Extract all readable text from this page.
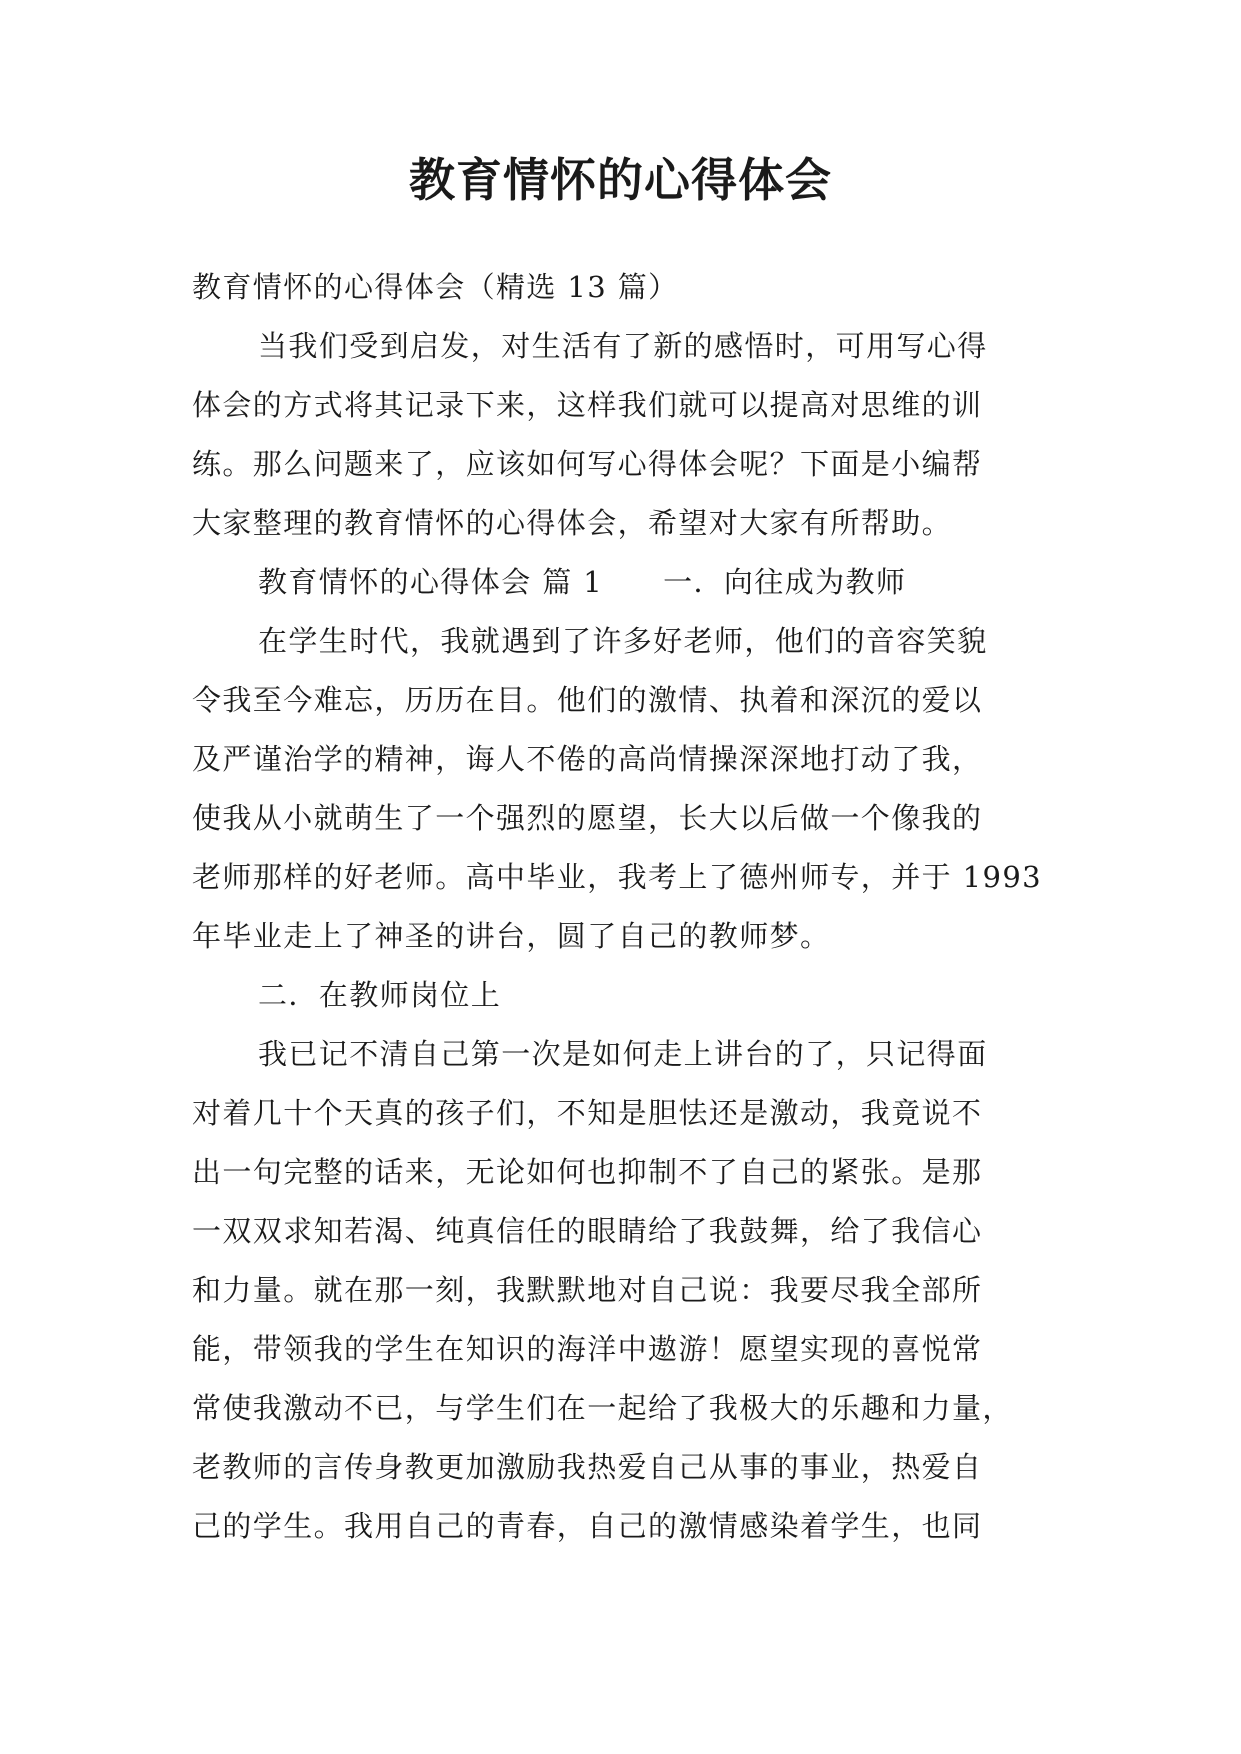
教育情怀的心得体会
教育情怀的心得体会（精选 13 篇）
当我们受到启发，对生活有了新的感悟时，可用写心得
体会的方式将其记录下来，这样我们就可以提高对思维的训
练。那么问题来了，应该如何写心得体会呢？下面是小编帮
大家整理的教育情怀的心得体会，希望对大家有所帮助。
教育情怀的心得体会 篇 1 一．向往成为教师
在学生时代，我就遇到了许多好老师，他们的音容笑貌
令我至今难忘，历历在目。他们的激情、执着和深沉的爱以
及严谨治学的精神，诲人不倦的高尚情操深深地打动了我，
使我从小就萌生了一个强烈的愿望，长大以后做一个像我的
老师那样的好老师。高中毕业，我考上了德州师专，并于 1993
年毕业走上了神圣的讲台，圆了自己的教师梦。
二．在教师岗位上
我已记不清自己第一次是如何走上讲台的了，只记得面
对着几十个天真的孩子们，不知是胆怯还是激动，我竟说不
出一句完整的话来，无论如何也抑制不了自己的紧张。是那
一双双求知若渴、纯真信任的眼睛给了我鼓舞，给了我信心
和力量。就在那一刻，我默默地对自己说：我要尽我全部所
能，带领我的学生在知识的海洋中遨游！愿望实现的喜悦常
常使我激动不已，与学生们在一起给了我极大的乐趣和力量，
老教师的言传身教更加激励我热爱自己从事的事业，热爱自
己的学生。我用自己的青春，自己的激情感染着学生，也同
